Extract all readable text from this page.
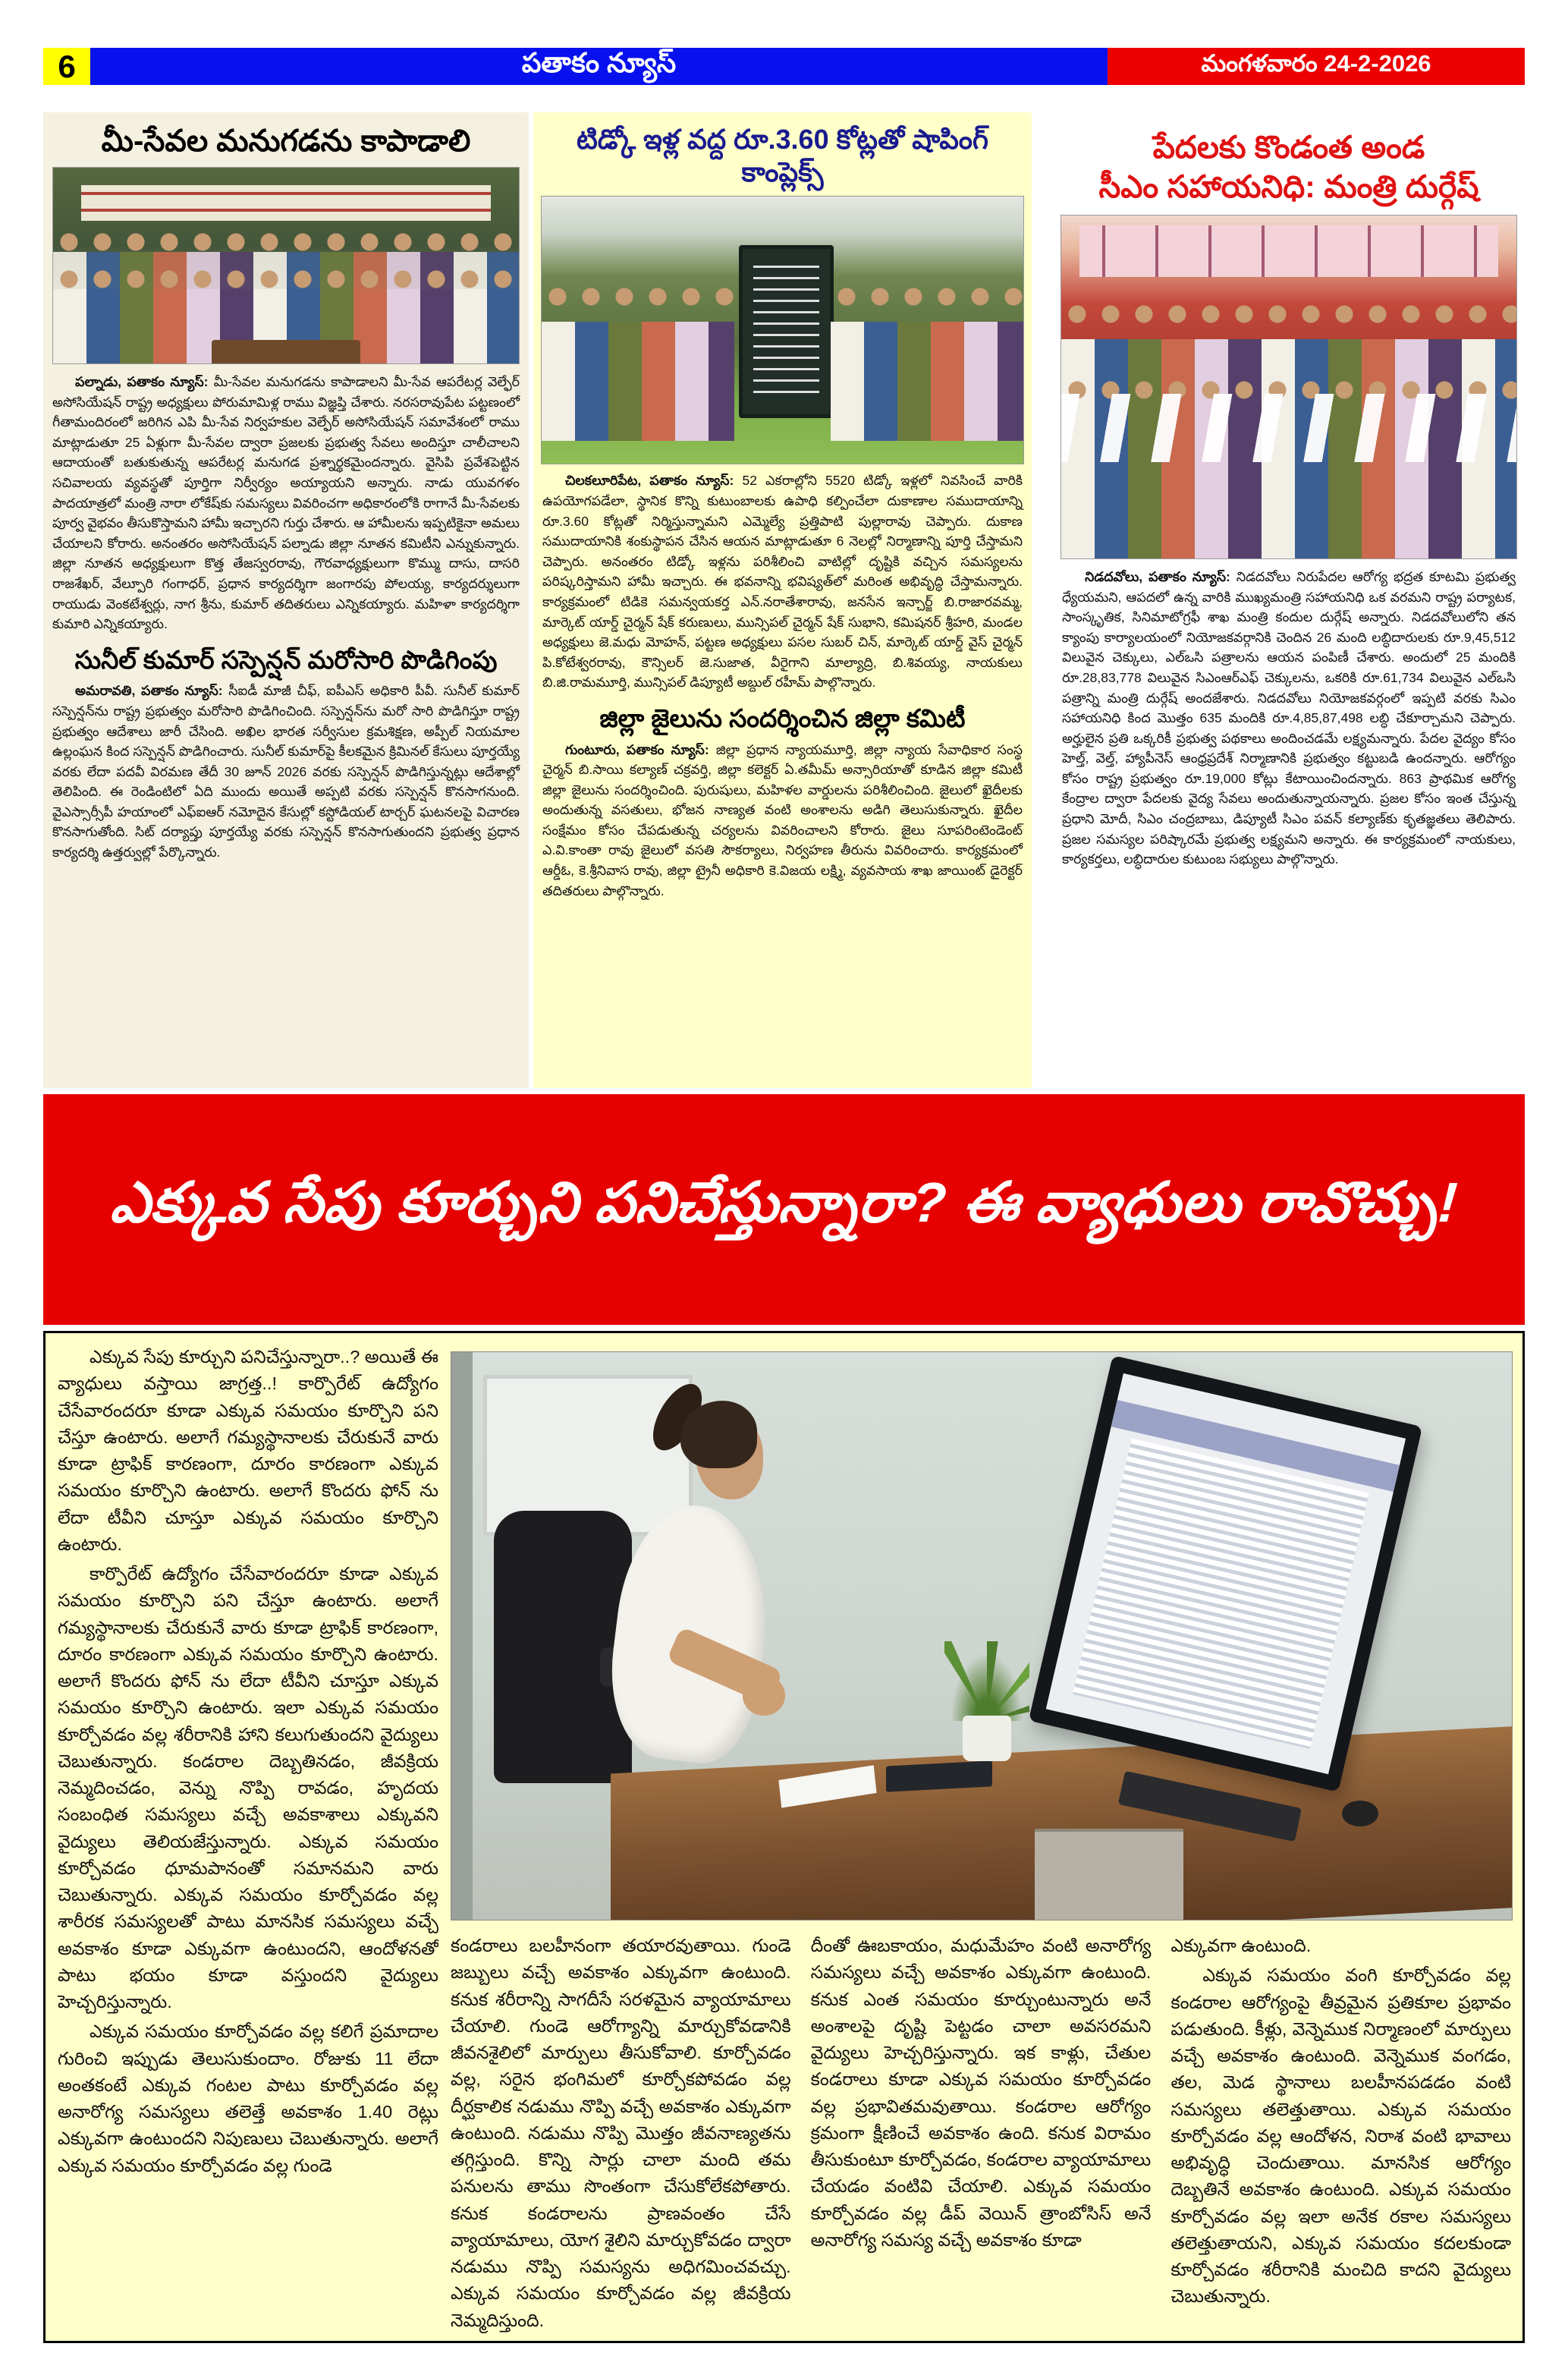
6	పతాకం న్యూస్	మంగళవారం 24-2-2026
మీ-సేవల మనుగడను కాపాడాలి

పల్నాడు, పతాకం న్యూస్: మీ-సేవల మనుగడను కాపాడాలని మీ-సేవ ఆపరేటర్ల వెల్ఫేర్ అసోసియేషన్ రాష్ట్ర అధ్యక్షులు పోరుమామిళ్ల రాము విజ్ఞప్తి చేశారు. నరసరావుపేట పట్టణంలో గీతామందిరంలో జరిగిన ఎపి మీ-సేవ నిర్వహకుల వెల్ఫేర్ అసోసియేషన్ సమావేశంలో రాము మాట్లాడుతూ 25 ఏళ్లుగా మీ-సేవల ద్వారా ప్రజలకు ప్రభుత్వ సేవలు అందిస్తూ చాలీచాలని ఆదాయంతో బతుకుతున్న ఆపరేటర్ల మనుగడ ప్రశ్నార్థకమైందన్నారు. వైసిపి ప్రవేశపెట్టిన సచివాలయ వ్యవస్థతో పూర్తిగా నిర్వీర్యం అయ్యాయని అన్నారు. నాడు యువగళం పాదయాత్రలో మంత్రి నారా లోకేష్‌కు సమస్యలు వివరించగా అధికారంలోకి రాగానే మీ-సేవలకు పూర్వ వైభవం తీసుకొస్తామని హామీ ఇచ్చారని గుర్తు చేశారు. ఆ హామీలను ఇప్పటికైనా అమలు చేయాలని కోరారు. అనంతరం అసోసియేషన్ పల్నాడు జిల్లా నూతన కమిటీని ఎన్నుకున్నారు. జిల్లా నూతన అధ్యక్షులుగా కొత్త తేజస్వరరావు, గౌరవాధ్యక్షులుగా కొమ్ము దాసు, దాసరి రాజశేఖర్, వేల్పూరి గంగాధర్, ప్రధాన కార్యదర్శిగా జంగారపు పోలయ్య, కార్యదర్శులుగా రాయుడు వెంకటేశ్వర్లు, నాగ శ్రీను, కుమార్ తదితరులు ఎన్నికయ్యారు. మహిళా కార్యదర్శిగా కుమారి ఎన్నికయ్యారు.

సునీల్ కుమార్ సస్పెన్షన్ మరోసారి పొడిగింపు

అమరావతి, పతాకం న్యూస్: సీఐడీ మాజీ చీఫ్, ఐపీఎస్ అధికారి పీవీ. సునీల్ కుమార్ సస్పెన్షన్‌ను రాష్ట్ర ప్రభుత్వం మరోసారి పొడిగించింది. సస్పెన్షన్‌ను మరో సారి పొడిగిస్తూ రాష్ట్ర ప్రభుత్వం ఆదేశాలు జారీ చేసింది. అఖిల భారత సర్వీసుల క్రమశిక్షణ, అప్పీల్ నియమాల ఉల్లంఘన కింద సస్పెన్షన్ పొడిగించారు. సునీల్ కుమార్‌పై కీలకమైన క్రిమినల్ కేసులు పూర్తయ్యే వరకు లేదా పదవీ విరమణ తేదీ 30 జూన్ 2026 వరకు సస్పెన్షన్ పొడిగిస్తున్నట్లు ఆదేశాల్లో తెలిపింది. ఈ రెండింటిలో ఏది ముందు అయితే అప్పటి వరకు సస్పెన్షన్ కొనసాగనుంది. వైఎస్సార్సీపీ హయాంలో ఎఫ్ఐఆర్ నమోదైన కేసుల్లో కస్టోడియల్ టార్చర్ ఘటనలపై విచారణ కొనసాగుతోంది. సిట్ దర్యాప్తు పూర్తయ్యే వరకు సస్పెన్షన్ కొనసాగుతుందని ప్రభుత్వ ప్రధాన కార్యదర్శి ఉత్తర్వుల్లో పేర్కొన్నారు.

టిడ్కో ఇళ్ల వద్ద రూ.3.60 కోట్లతో షాపింగ్ కాంప్లెక్స్

చిలకలూరిపేట, పతాకం న్యూస్: 52 ఎకరాల్లోని 5520 టిడ్కో ఇళ్లలో నివసించే వారికి ఉపయోగపడేలా, స్థానిక కొన్ని కుటుంబాలకు ఉపాధి కల్పించేలా దుకాణాల సముదాయాన్ని రూ.3.60 కోట్లతో నిర్మిస్తున్నామని ఎమ్మెల్యే ప్రత్తిపాటి పుల్లారావు చెప్పారు. దుకాణ సముదాయానికి శంకుస్థాపన చేసిన ఆయన మాట్లాడుతూ 6 నెలల్లో నిర్మాణాన్ని పూర్తి చేస్తామని చెప్పారు. అనంతరం టిడ్కో ఇళ్లను పరిశీలించి వాటిల్లో దృష్టికి వచ్చిన సమస్యలను పరిష్కరిస్తామని హామీ ఇచ్చారు. ఈ భవనాన్ని భవిష్యత్‌లో మరింత అభివృద్ధి చేస్తామన్నారు. కార్యక్రమంలో టిడికె సమన్వయకర్త ఎన్.నరాతేశారావు, జనసేన ఇన్చార్జ్ బి.రాజారవమ్మ, మార్కెట్ యార్డ్ చైర్మన్ షేక్ కరుణులు, మున్సిపల్ చైర్మన్ షేక్ సుభాని, కమిషనర్ శ్రీహరి, మండల అధ్యక్షులు జె.మధు మోహన్, పట్టణ అధ్యక్షులు పసల సుబర్ చిన్, మార్కెట్ యార్డ్ వైస్ చైర్మన్ పి.కోటేశ్వరరావు, కౌన్సిలర్ జె.సుజాత, వీరైగాని మాల్యాద్రి, బి.శివయ్య, నాయకులు బి.జి.రామమూర్తి, మున్సిపల్ డిప్యూటీ అబ్దుల్ రహీమ్ పాల్గొన్నారు.

జిల్లా జైలును సందర్శించిన జిల్లా కమిటీ

గుంటూరు, పతాకం న్యూస్: జిల్లా ప్రధాన న్యాయమూర్తి, జిల్లా న్యాయ సేవాధికార సంస్థ చైర్మన్ బి.సాయి కల్యాణ్ చక్రవర్తి, జిల్లా కలెక్టర్ ఏ.తమీమ్ అన్సారియాతో కూడిన జిల్లా కమిటీ జిల్లా జైలును సందర్శించింది. పురుషులు, మహిళల వార్డులను పరిశీలించింది. జైలులో ఖైదీలకు అందుతున్న వసతులు, భోజన నాణ్యత వంటి అంశాలను అడిగి తెలుసుకున్నారు. ఖైదీల సంక్షేమం కోసం చేపడుతున్న చర్యలను వివరించాలని కోరారు. జైలు సూపరింటెండెంట్ ఎ.వి.కాంతా రావు జైలులో వసతి సౌకర్యాలు, నిర్వహణ తీరును వివరించారు. కార్యక్రమంలో ఆర్డీఓ, కె.శ్రీనివాస రావు, జిల్లా ట్రైనీ అధికారి కె.విజయ లక్ష్మి, వ్యవసాయ శాఖ జాయింట్ డైరెక్టర్ తదితరులు పాల్గొన్నారు.

పేదలకు కొండంత అండ
సీఎం సహాయనిధి: మంత్రి దుర్గేష్

నిడదవోలు, పతాకం న్యూస్: నిడదవోలు నిరుపేదల ఆరోగ్య భద్రత కూటమి ప్రభుత్వ ధ్యేయమని, ఆపదలో ఉన్న వారికి ముఖ్యమంత్రి సహాయనిధి ఒక వరమని రాష్ట్ర పర్యాటక, సాంస్కృతిక, సినిమాటోగ్రఫీ శాఖ మంత్రి కందుల దుర్గేష్ అన్నారు. నిడదవోలులోని తన క్యాంపు కార్యాలయంలో నియోజకవర్గానికి చెందిన 26 మంది లబ్ధిదారులకు రూ.9,45,512 విలువైన చెక్కులు, ఎల్ఒసి పత్రాలను ఆయన పంపిణీ చేశారు. అందులో 25 మందికి రూ.28,83,778 విలువైన సిఎంఆర్ఎఫ్ చెక్కులను, ఒకరికి రూ.61,734 విలువైన ఎల్ఒసి పత్రాన్ని మంత్రి దుర్గేష్ అందజేశారు. నిడదవోలు నియోజకవర్గంలో ఇప్పటి వరకు సిఎం సహాయనిధి కింద మొత్తం 635 మందికి రూ.4,85,87,498 లబ్ధి చేకూర్చామని చెప్పారు. అర్హులైన ప్రతి ఒక్కరికీ ప్రభుత్వ పథకాలు అందించడమే లక్ష్యమన్నారు. పేదల వైద్యం కోసం హెల్త్, వెల్త్, హ్యాపీనెస్ ఆంధ్రప్రదేశ్ నిర్మాణానికి ప్రభుత్వం కట్టుబడి ఉందన్నారు. ఆరోగ్యం కోసం రాష్ట్ర ప్రభుత్వం రూ.19,000 కోట్లు కేటాయించిందన్నారు. 863 ప్రాథమిక ఆరోగ్య కేంద్రాల ద్వారా పేదలకు వైద్య సేవలు అందుతున్నాయన్నారు. ప్రజల కోసం ఇంత చేస్తున్న ప్రధాని మోదీ, సిఎం చంద్రబాబు, డిప్యూటీ సిఎం పవన్ కల్యాణ్‌కు కృతజ్ఞతలు తెలిపారు. ప్రజల సమస్యల పరిష్కారమే ప్రభుత్వ లక్ష్యమని అన్నారు. ఈ కార్యక్రమంలో నాయకులు, కార్యకర్తలు, లబ్ధిదారుల కుటుంబ సభ్యులు పాల్గొన్నారు.

ఎక్కువ సేపు కూర్చుని పనిచేస్తున్నారా? ఈ వ్యాధులు రావొచ్చు!

ఎక్కువ సేపు కూర్చుని పనిచేస్తున్నారా..? అయితే ఈ వ్యాధులు వస్తాయి జాగ్రత్త..! కార్పొరేట్ ఉద్యోగం చేసేవారందరూ కూడా ఎక్కువ సమయం కూర్చొని పని చేస్తూ ఉంటారు. అలాగే గమ్యస్థానాలకు చేరుకునే వారు కూడా ట్రాఫిక్ కారణంగా, దూరం కారణంగా ఎక్కువ సమయం కూర్చొని ఉంటారు. అలాగే కొందరు ఫోన్ ను లేదా టీవీని చూస్తూ ఎక్కువ సమయం కూర్చొని ఉంటారు.

కార్పొరేట్ ఉద్యోగం చేసేవారందరూ కూడా ఎక్కువ సమయం కూర్చొని పని చేస్తూ ఉంటారు. అలాగే గమ్యస్థానాలకు చేరుకునే వారు కూడా ట్రాఫిక్ కారణంగా, దూరం కారణంగా ఎక్కువ సమయం కూర్చొని ఉంటారు. అలాగే కొందరు ఫోన్ ను లేదా టీవీని చూస్తూ ఎక్కువ సమయం కూర్చొని ఉంటారు. ఇలా ఎక్కువ సమయం కూర్చోవడం వల్ల శరీరానికి హాని కలుగుతుందని వైద్యులు చెబుతున్నారు. కండరాల దెబ్బతినడం, జీవక్రియ నెమ్మదించడం, వెన్ను నొప్పి రావడం, హృదయ సంబంధిత సమస్యలు వచ్చే అవకాశాలు ఎక్కువని వైద్యులు తెలియజేస్తున్నారు. ఎక్కువ సమయం కూర్చోవడం ధూమపానంతో సమానమని వారు చెబుతున్నారు. ఎక్కువ సమయం కూర్చోవడం వల్ల శారీరక సమస్యలతో పాటు మానసిక సమస్యలు వచ్చే అవకాశం కూడా ఎక్కువగా ఉంటుందని, ఆందోళనతో పాటు భయం కూడా వస్తుందని వైద్యులు హెచ్చరిస్తున్నారు.

ఎక్కువ సమయం కూర్చోవడం వల్ల కలిగే ప్రమాదాల గురించి ఇప్పుడు తెలుసుకుందాం. రోజుకు 11 లేదా అంతకంటే ఎక్కువ గంటల పాటు కూర్చోవడం వల్ల అనారోగ్య సమస్యలు తలెత్తే అవకాశం 1.40 రెట్లు ఎక్కువగా ఉంటుందని నిపుణులు చెబుతున్నారు. అలాగే ఎక్కువ సమయం కూర్చోవడం వల్ల గుండె

కండరాలు బలహీనంగా తయారవుతాయి. గుండె జబ్బులు వచ్చే అవకాశం ఎక్కువగా ఉంటుంది. కనుక శరీరాన్ని సాగదీసే సరళమైన వ్యాయామాలు చేయాలి. గుండె ఆరోగ్యాన్ని మార్చుకోవడానికి జీవనశైలిలో మార్పులు తీసుకోవాలి. కూర్చోవడం వల్ల, సరైన భంగిమలో కూర్చోకపోవడం వల్ల దీర్ఘకాలిక నడుము నొప్పి వచ్చే అవకాశం ఎక్కువగా ఉంటుంది. నడుము నొప్పి మొత్తం జీవనాణ్యతను తగ్గిస్తుంది. కొన్ని సార్లు చాలా మంది తమ పనులను తాము సొంతంగా చేసుకోలేకపోతారు. కనుక కండరాలను ప్రాణవంతం చేసే వ్యాయామాలు, యోగ శైలిని మార్చుకోవడం ద్వారా నడుము నొప్పి సమస్యను అధిగమించవచ్చు. ఎక్కువ సమయం కూర్చోవడం వల్ల జీవక్రియ నెమ్మదిస్తుంది.

దీంతో ఊబకాయం, మధుమేహం వంటి అనారోగ్య సమస్యలు వచ్చే అవకాశం ఎక్కువగా ఉంటుంది. కనుక ఎంత సమయం కూర్చుంటున్నారు అనే అంశాలపై దృష్టి పెట్టడం చాలా అవసరమని వైద్యులు హెచ్చరిస్తున్నారు. ఇక కాళ్లు, చేతుల కండరాలు కూడా ఎక్కువ సమయం కూర్చోవడం వల్ల ప్రభావితమవుతాయి. కండరాల ఆరోగ్యం క్రమంగా క్షీణించే అవకాశం ఉంది. కనుక విరామం తీసుకుంటూ కూర్చోవడం, కండరాల వ్యాయామాలు చేయడం వంటివి చేయాలి. ఎక్కువ సమయం కూర్చోవడం వల్ల డీప్ వెయిన్ త్రాంబోసిస్ అనే అనారోగ్య సమస్య వచ్చే అవకాశం కూడా

ఎక్కువగా ఉంటుంది.

ఎక్కువ సమయం వంగి కూర్చోవడం వల్ల కండరాల ఆరోగ్యంపై తీవ్రమైన ప్రతికూల ప్రభావం పడుతుంది. కీళ్లు, వెన్నెముక నిర్మాణంలో మార్పులు వచ్చే అవకాశం ఉంటుంది. వెన్నెముక వంగడం, తల, మెడ స్థానాలు బలహీనపడడం వంటి సమస్యలు తలెత్తుతాయి. ఎక్కువ సమయం కూర్చోవడం వల్ల ఆందోళన, నిరాశ వంటి భావాలు అభివృద్ధి చెందుతాయి. మానసిక ఆరోగ్యం దెబ్బతినే అవకాశం ఉంటుంది. ఎక్కువ సమయం కూర్చోవడం వల్ల ఇలా అనేక రకాల సమస్యలు తలెత్తుతాయని, ఎక్కువ సమయం కదలకుండా కూర్చోవడం శరీరానికి మంచిది కాదని వైద్యులు చెబుతున్నారు.
